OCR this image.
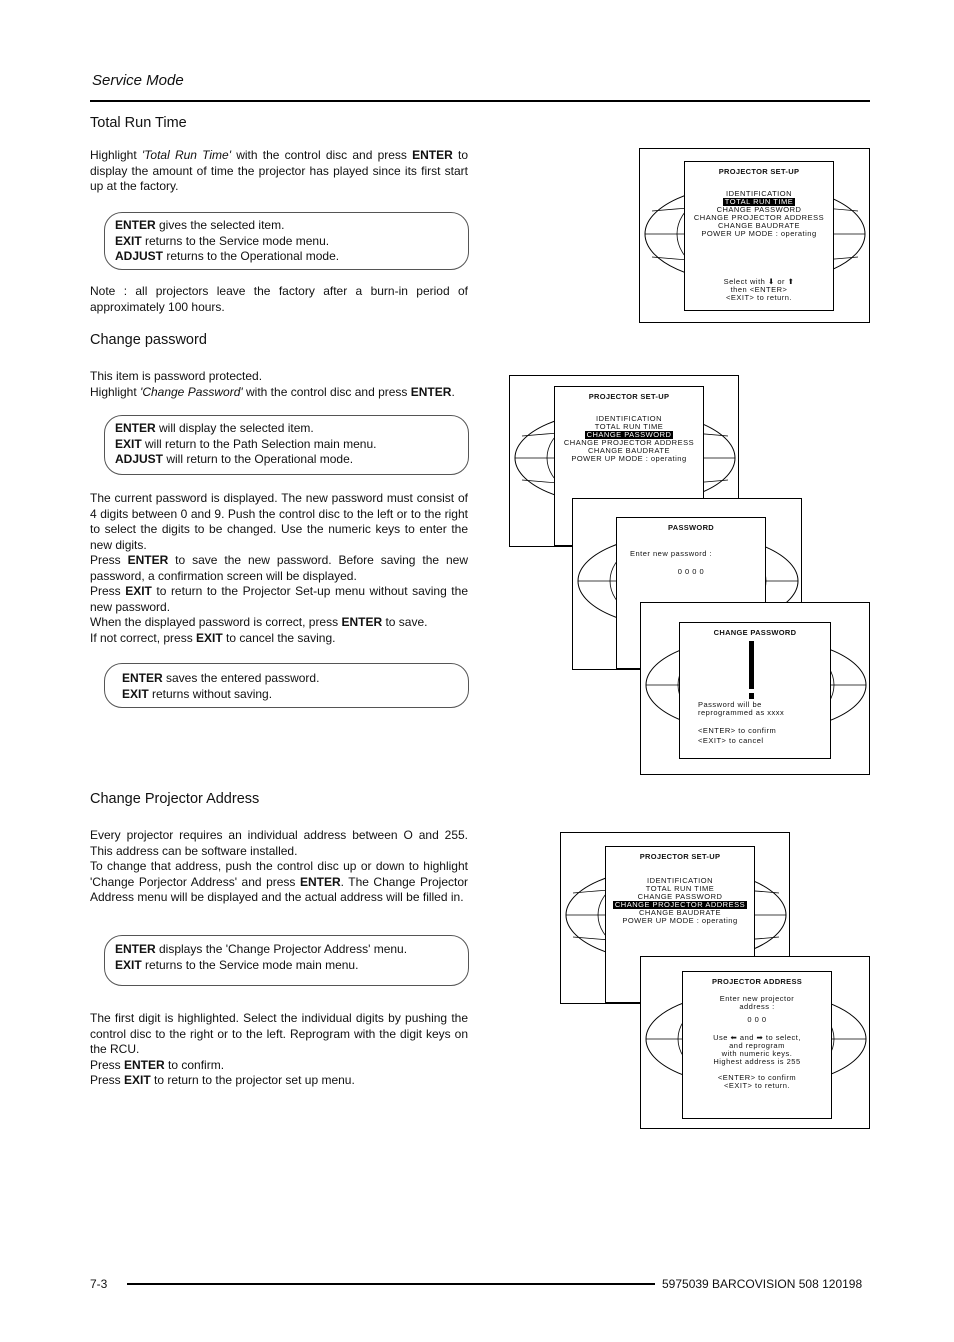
Service Mode
Total Run Time

Highlight 'Total Run Time' with the control disc and press ENTER to display the amount of time the projector has played since its first start up at the factory.

ENTER gives the selected item.
EXIT returns to the Service mode menu.
ADJUST returns to the Operational mode.
Note : all projectors leave the factory after a burn-in period of approximately 100 hours.
PROJECTOR SET-UP
IDENTIFICATION
TOTAL RUN TIME
CHANGE PASSWORD
CHANGE PROJECTOR ADDRESS
CHANGE BAUDRATE
POWER UP MODE : operating
Select with ⬇ or ⬆
then <ENTER>
<EXIT> to return.
Change password

This item is password protected.

Highlight 'Change Password' with the control disc and press ENTER.

ENTER will display the selected item.
EXIT will return to the Path Selection main menu.
ADJUST will return to the Operational mode.

The current password is displayed. The new password must consist of 4 digits between 0 and 9. Push the control disc to the left or to the right to select the digits to be changed. Use the numeric keys to enter the new digits.

Press ENTER to save the new password. Before saving the new password, a confirmation screen will be displayed.

Press EXIT to return to the Projector Set-up menu without saving the new password.

When the displayed password is correct, press ENTER to save.

If not correct, press EXIT to cancel the saving.

ENTER saves the entered password.
EXIT returns without saving.
PROJECTOR SET-UP
IDENTIFICATION
TOTAL RUN TIME
CHANGE PASSWORD
CHANGE PROJECTOR ADDRESS
CHANGE BAUDRATE
POWER UP MODE : operating
PASSWORD
Enter new password :
0 0 0 0
CHANGE PASSWORD
Password will be
reprogrammed as xxxx
<ENTER> to confirm
<EXIT> to cancel
Change Projector Address

Every projector requires an individual address between O and 255. This address can be software installed.

To change that address, push the control disc up or down to highlight 'Change Porjector Address' and press ENTER. The Change Projector Address menu will be displayed and the actual address will be filled in.

ENTER displays the 'Change Projector Address' menu.
EXIT returns to the Service mode main menu.

The first digit is highlighted. Select the individual digits by pushing the control disc to the right or to the left. Reprogram with the digit keys on the RCU.

Press ENTER to confirm.

Press EXIT to return to the projector set up menu.

PROJECTOR SET-UP
IDENTIFICATION
TOTAL RUN TIME
CHANGE PASSWORD
CHANGE PROJECTOR ADDRESS
CHANGE BAUDRATE
POWER UP MODE : operating
PROJECTOR ADDRESS
Enter new projector
address :
0 0 0
Use ⬅ and ➡ to select,
and reprogram
with numeric keys.
Highest address is 255
<ENTER> to confirm
<EXIT> to return.
7-3	5975039 BARCOVISION 508 120198
